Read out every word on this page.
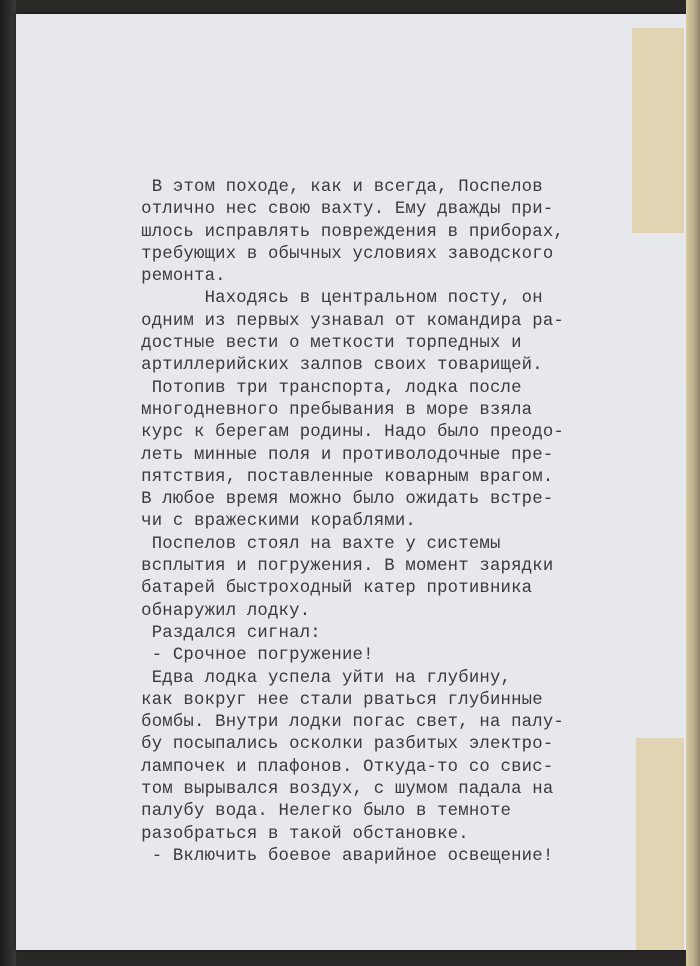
В этом походе, как и всегда, Поспелов
отлично нес свою вахту. Ему дважды при-
шлось исправлять повреждения в приборах,
требующих в обычных условиях заводского
ремонта.
Находясь в центральном посту, он
одним из первых узнавал от командира ра-
достные вести о меткости торпедных и
артиллерийских залпов своих товарищей.
Потопив три транспорта, лодка после
многодневного пребывания в море взяла
курс к берегам родины. Надо было преодо-
леть минные поля и противолодочные пре-
пятствия, поставленные коварным врагом.
В любое время можно было ожидать встре-
чи с вражескими кораблями.
Поспелов стоял на вахте у системы
всплытия и погружения. В момент зарядки
батарей быстроходный катер противника
обнаружил лодку.
Раздался сигнал:
- Срочное погружение!
Едва лодка успела уйти на глубину,
как вокруг нее стали рваться глубинные
бомбы. Внутри лодки погас свет, на палу-
бу посыпались осколки разбитых электро-
лампочек и плафонов. Откуда-то со свис-
том вырывался воздух, с шумом падала на
палубу вода. Нелегко было в темноте
разобраться в такой обстановке.
- Включить боевое аварийное освещение!
